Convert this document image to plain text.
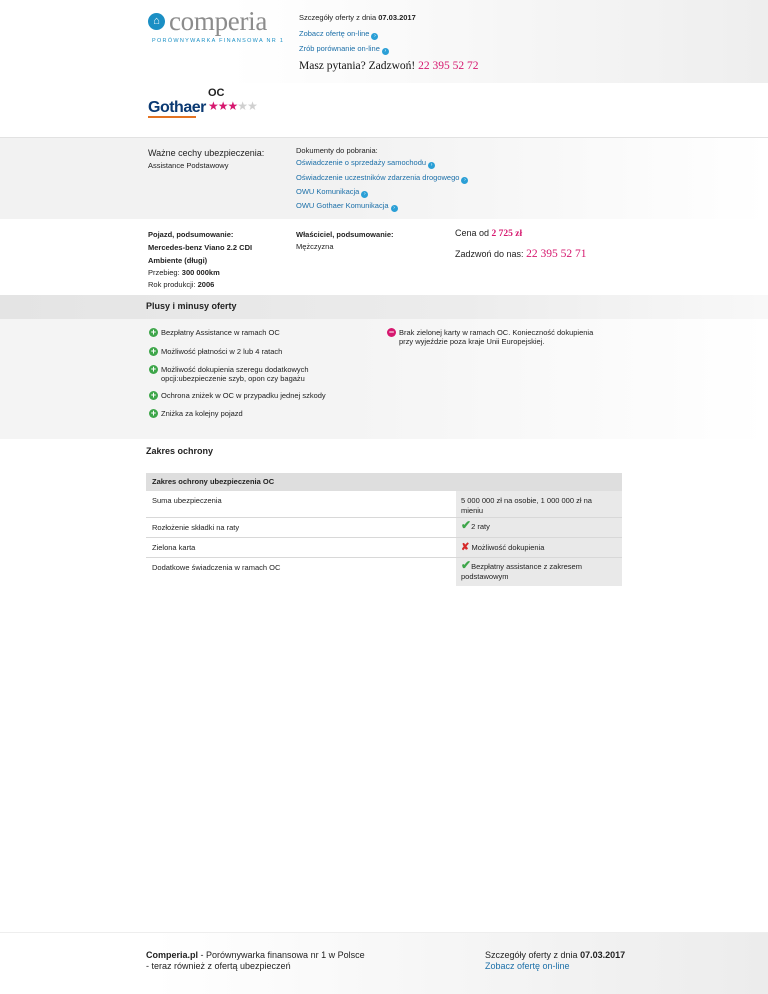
⌂ comperia
PORÓWNYWARKA FINANSOWA NR 1
Szczegóły oferty z dnia 07.03.2017
Zobacz ofertę on-line ›
Zrób porównanie on-line ›
Masz pytania? Zadzwoń! 22 395 52 72
Gothaer
OC
★★★★★
Ważne cechy ubezpieczenia:
Assistance Podstawowy
Dokumenty do pobrania:
Oświadczenie o sprzedaży samochodu ›
Oświadczenie uczestników zdarzenia drogowego ›
OWU Komunikacja ›
OWU Gothaer Komunikacja ›
Pojazd, podsumowanie:
Mercedes-benz Viano 2.2 CDI
Ambiente (długi)
Przebieg: 300 000km
Rok produkcji: 2006
Właściciel, podsumowanie:
Mężczyzna
Cena od 2 725 zł
Zadzwoń do nas: 22 395 52 71
Plusy i minusy oferty
+ Bezpłatny Assistance w ramach OC
+ Możliwość płatności w 2 lub 4 ratach
+ Możliwość dokupienia szeregu dodatkowych
opcji:ubezpieczenie szyb, opon czy bagażu
+ Ochrona zniżek w OC w przypadku jednej szkody
+ Zniżka za kolejny pojazd
− Brak zielonej karty w ramach OC. Konieczność dokupienia
przy wyjeździe poza kraje Unii Europejskiej.
Zakres ochrony
Zakres ochrony ubezpieczenia OC
Suma ubezpieczenia	5 000 000 zł na osobie, 1 000 000 zł na
mieniu
Rozłożenie składki na raty	✔2 raty
Zielona karta	✘ Możliwość dokupienia
Dodatkowe świadczenia w ramach OC	✔Bezpłatny assistance z zakresem
podstawowym
Comperia.pl - Porównywarka finansowa nr 1 w Polsce
- teraz również z ofertą ubezpieczeń
Szczegóły oferty z dnia 07.03.2017
Zobacz ofertę on-line
